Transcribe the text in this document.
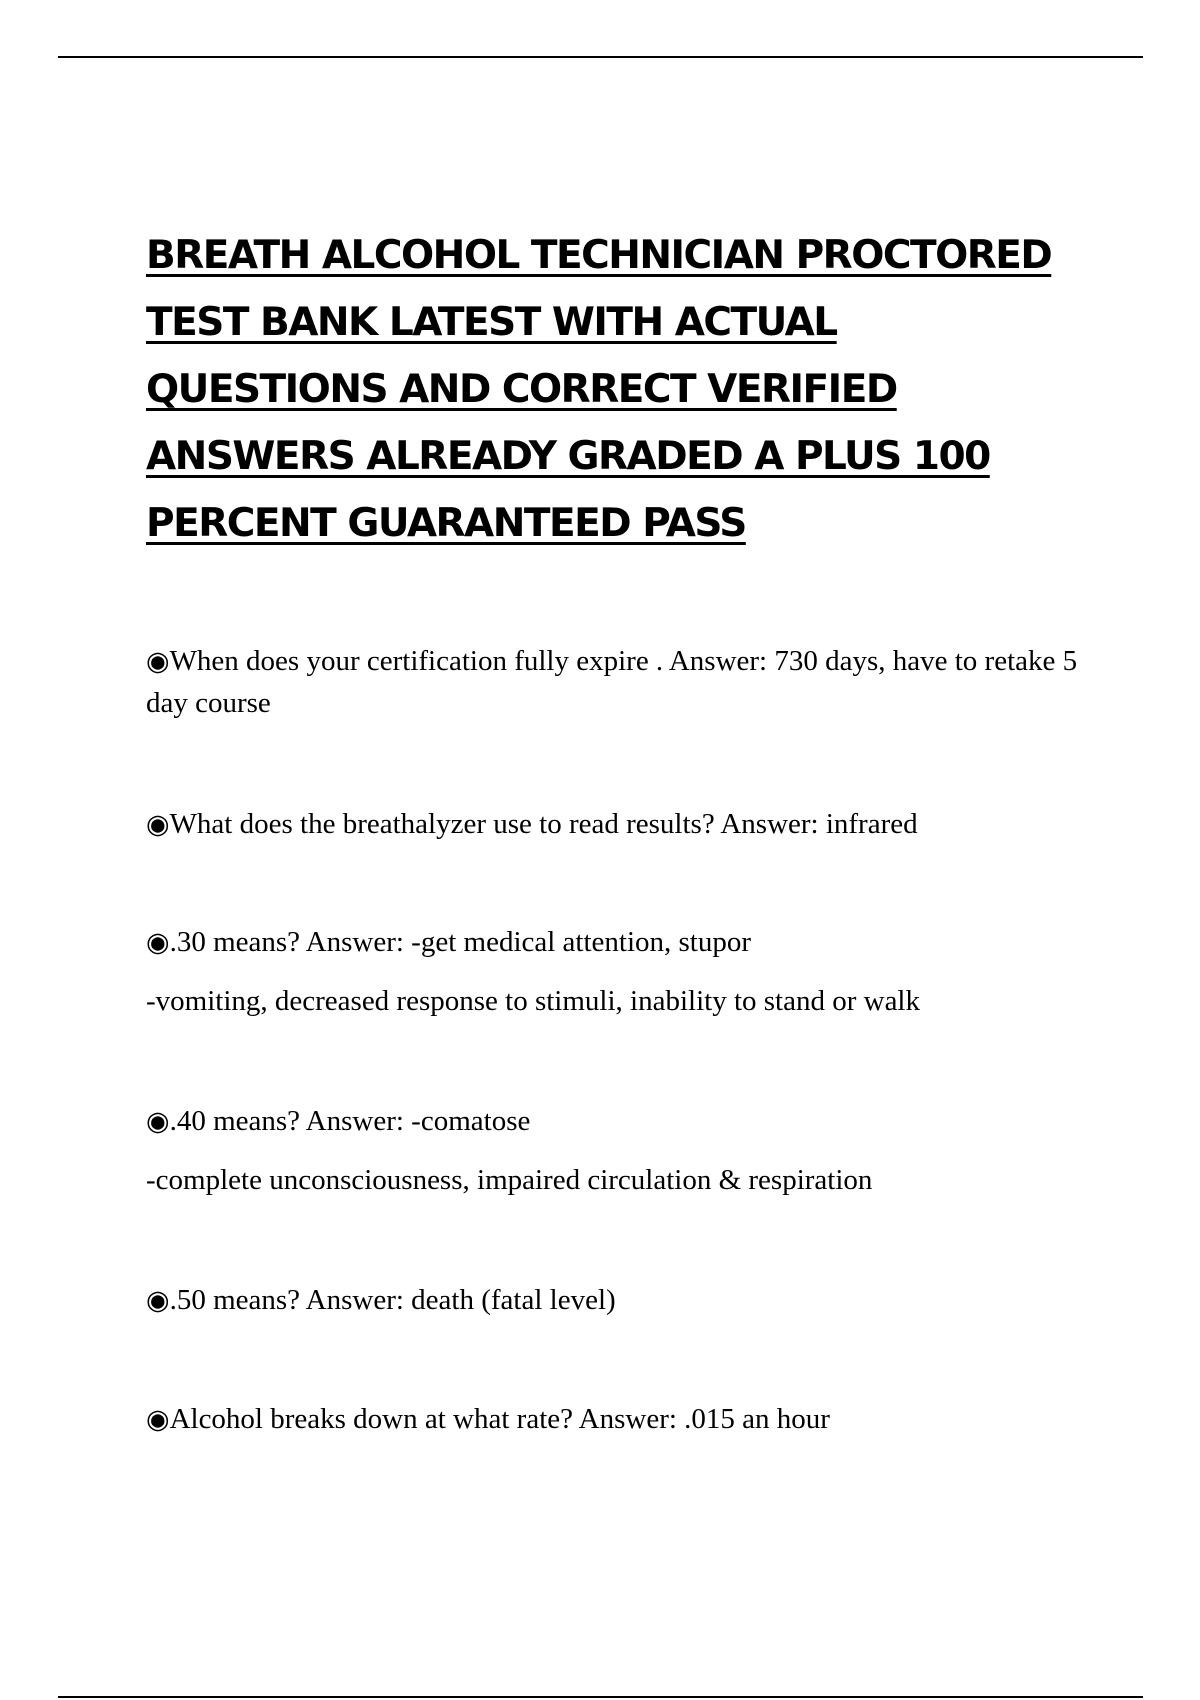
BREATH ALCOHOL TECHNICIAN PROCTORED TEST BANK LATEST WITH ACTUAL QUESTIONS AND CORRECT VERIFIED ANSWERS ALREADY GRADED A PLUS 100 PERCENT GUARANTEED PASS

◉When does your certification fully expire . Answer: 730 days, have to retake 5 day course

◉What does the breathalyzer use to read results? Answer: infrared

◉.30 means? Answer: -get medical attention, stupor

-vomiting, decreased response to stimuli, inability to stand or walk

◉.40 means? Answer: -comatose

-complete unconsciousness, impaired circulation & respiration

◉.50 means? Answer: death (fatal level)

◉Alcohol breaks down at what rate? Answer: .015 an hour
